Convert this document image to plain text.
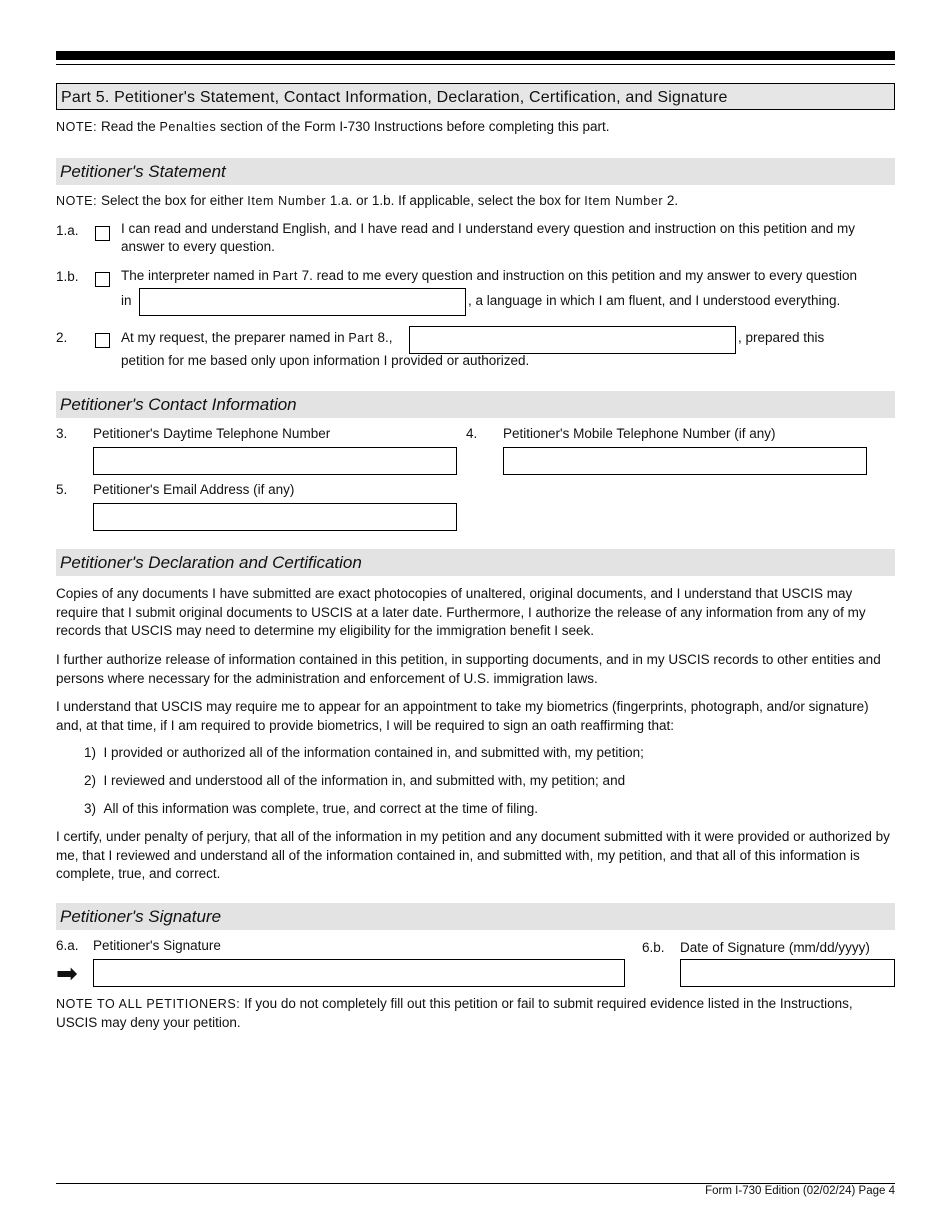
Part 5. Petitioner's Statement, Contact Information, Declaration, Certification, and Signature
NOTE: Read the Penalties section of the Form I-730 Instructions before completing this part.
Petitioner's Statement
NOTE: Select the box for either Item Number 1.a. or 1.b. If applicable, select the box for Item Number 2.
1.a.	I can read and understand English, and I have read and I understand every question and instruction on this petition and my
answer to every question.
1.b.	The interpreter named in Part 7. read to me every question and instruction on this petition and my answer to every question
in	, a language in which I am fluent, and I understood everything.
2.	At my request, the preparer named in Part 8.,	, prepared this
petition for me based only upon information I provided or authorized.
Petitioner's Contact Information
3. Petitioner's Daytime Telephone Number	4. Petitioner's Mobile Telephone Number (if any)
5. Petitioner's Email Address (if any)
Petitioner's Declaration and Certification
Copies of any documents I have submitted are exact photocopies of unaltered, original documents, and I understand that USCIS may require that I submit original documents to USCIS at a later date. Furthermore, I authorize the release of any information from any of my records that USCIS may need to determine my eligibility for the immigration benefit I seek.
I further authorize release of information contained in this petition, in supporting documents, and in my USCIS records to other entities and persons where necessary for the administration and enforcement of U.S. immigration laws.
I understand that USCIS may require me to appear for an appointment to take my biometrics (fingerprints, photograph, and/or signature) and, at that time, if I am required to provide biometrics, I will be required to sign an oath reaffirming that:
1) I provided or authorized all of the information contained in, and submitted with, my petition;
2) I reviewed and understood all of the information in, and submitted with, my petition; and
3) All of this information was complete, true, and correct at the time of filing.
I certify, under penalty of perjury, that all of the information in my petition and any document submitted with it were provided or authorized by me, that I reviewed and understand all of the information contained in, and submitted with, my petition, and that all of this information is complete, true, and correct.
Petitioner's Signature
6.a. Petitioner's Signature
➡
6.b. Date of Signature (mm/dd/yyyy)
NOTE TO ALL PETITIONERS: If you do not completely fill out this petition or fail to submit required evidence listed in the Instructions, USCIS may deny your petition.
Form I-730 Edition (02/02/24) Page 4
